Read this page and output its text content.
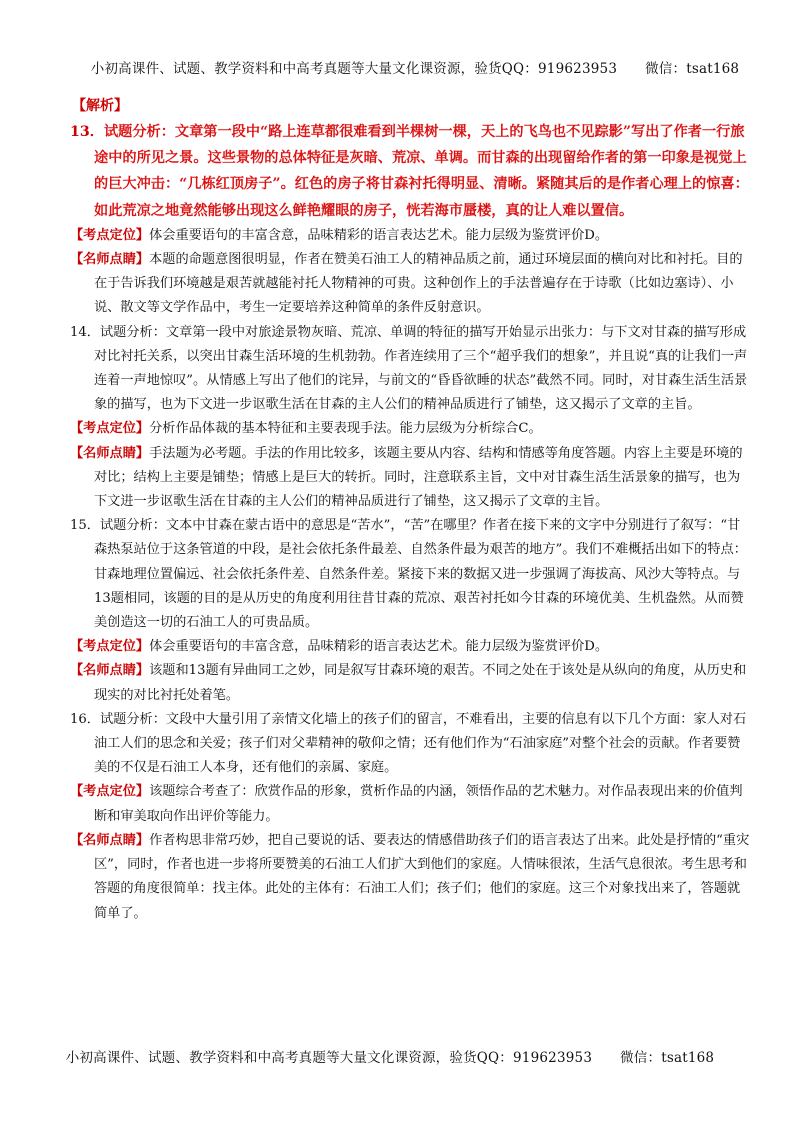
小初高课件、试题、教学资料和中高考真题等大量文化课资源，验货QQ：919623953 微信：tsat168
【解析】

13．试题分析：文章第一段中“路上连草都很难看到半棵树一棵，天上的飞鸟也不见踪影”写出了作者一行旅途中的所见之景。这些景物的总体特征是灰暗、荒凉、单调。而甘森的出现留给作者的第一印象是视觉上的巨大冲击：“几栋红顶房子”。红色的房子将甘森衬托得明显、清晰。紧随其后的是作者心理上的惊喜：如此荒凉之地竟然能够出现这么鲜艳耀眼的房子，恍若海市蜃楼，真的让人难以置信。

【考点定位】体会重要语句的丰富含意，品味精彩的语言表达艺术。能力层级为鉴赏评价D。

【名师点睛】本题的命题意图很明显，作者在赞美石油工人的精神品质之前，通过环境层面的横向对比和衬托。目的在于告诉我们环境越是艰苦就越能衬托人物精神的可贵。这种创作上的手法普遍存在于诗歌（比如边塞诗）、小说、散文等文学作品中，考生一定要培养这种简单的条件反射意识。

14．试题分析：文章第一段中对旅途景物灰暗、荒凉、单调的特征的描写开始显示出张力：与下文对甘森的描写形成对比衬托关系，以突出甘森生活环境的生机勃勃。作者连续用了三个“超乎我们的想象”，并且说“真的让我们一声连着一声地惊叹”。从情感上写出了他们的诧异，与前文的“昏昏欲睡的状态”截然不同。同时，对甘森生活生活景象的描写，也为下文进一步讴歌生活在甘森的主人公们的精神品质进行了铺垫，这又揭示了文章的主旨。

【考点定位】分析作品体裁的基本特征和主要表现手法。能力层级为分析综合C。

【名师点睛】手法题为必考题。手法的作用比较多，该题主要从内容、结构和情感等角度答题。内容上主要是环境的对比；结构上主要是铺垫；情感上是巨大的转折。同时，注意联系主旨，文中对甘森生活生活景象的描写，也为下文进一步讴歌生活在甘森的主人公们的精神品质进行了铺垫，这又揭示了文章的主旨。

15．试题分析：文本中甘森在蒙古语中的意思是“苦水”，“苦”在哪里？作者在接下来的文字中分别进行了叙写：“甘森热泵站位于这条管道的中段，是社会依托条件最差、自然条件最为艰苦的地方”。我们不难概括出如下的特点：甘森地理位置偏远、社会依托条件差、自然条件差。紧接下来的数据又进一步强调了海拔高、风沙大等特点。与13题相同，该题的目的是从历史的角度利用往昔甘森的荒凉、艰苦衬托如今甘森的环境优美、生机盎然。从而赞美创造这一切的石油工人的可贵品质。

【考点定位】体会重要语句的丰富含意，品味精彩的语言表达艺术。能力层级为鉴赏评价D。

【名师点睛】该题和13题有异曲同工之妙，同是叙写甘森环境的艰苦。不同之处在于该处是从纵向的角度，从历史和现实的对比衬托处着笔。

16．试题分析：文段中大量引用了亲情文化墙上的孩子们的留言，不难看出，主要的信息有以下几个方面：家人对石油工人们的思念和关爱；孩子们对父辈精神的敬仰之情；还有他们作为“石油家庭”对整个社会的贡献。作者要赞美的不仅是石油工人本身，还有他们的亲属、家庭。

【考点定位】该题综合考查了：欣赏作品的形象，赏析作品的内涵，领悟作品的艺术魅力。对作品表现出来的价值判断和审美取向作出评价等能力。

【名师点睛】作者构思非常巧妙，把自己要说的话、要表达的情感借助孩子们的语言表达了出来。此处是抒情的“重灾区”，同时，作者也进一步将所要赞美的石油工人们扩大到他们的家庭。人情味很浓，生活气息很浓。考生思考和答题的角度很简单：找主体。此处的主体有：石油工人们；孩子们；他们的家庭。这三个对象找出来了，答题就简单了。

小初高课件、试题、教学资料和中高考真题等大量文化课资源，验货QQ：919623953 微信：tsat168
